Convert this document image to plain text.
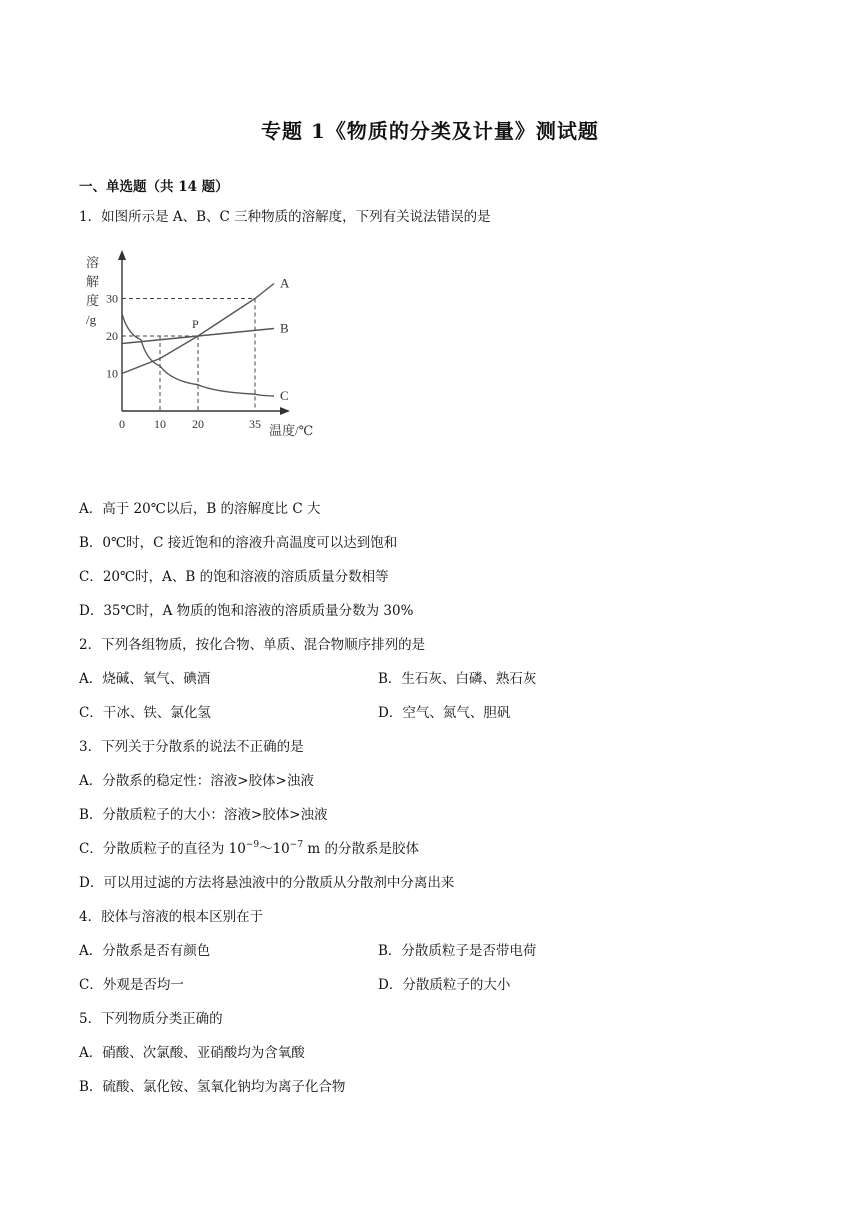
专题 1《物质的分类及计量》测试题
一、单选题（共 14 题）
1．如图所示是 A、B、C 三种物质的溶解度，下列有关说法错误的是
A
B
C
P
溶
解
度
/g
10
20
30
0 10 20	35 温度/℃
A．高于 20℃以后，B 的溶解度比 C 大
B．0℃时，C 接近饱和的溶液升高温度可以达到饱和
C．20℃时，A、B 的饱和溶液的溶质质量分数相等
D．35℃时，A 物质的饱和溶液的溶质质量分数为 30%
2．下列各组物质，按化合物、单质、混合物顺序排列的是
A．烧碱、氧气、碘酒	B．生石灰、白磷、熟石灰
C．干冰、铁、氯化氢	D．空气、氮气、胆矾
3．下列关于分散系的说法不正确的是
A．分散系的稳定性：溶液>胶体>浊液
B．分散质粒子的大小：溶液>胶体>浊液
C．分散质粒子的直径为 $10^{-9}\sim 10^{-7}$ m 的分散系是胶体
D．可以用过滤的方法将悬浊液中的分散质从分散剂中分离出来
4．胶体与溶液的根本区别在于
A．分散系是否有颜色	B．分散质粒子是否带电荷
C．外观是否均一	D．分散质粒子的大小
5．下列物质分类正确的
A．硝酸、次氯酸、亚硝酸均为含氧酸
B．硫酸、氯化铵、氢氧化钠均为离子化合物
